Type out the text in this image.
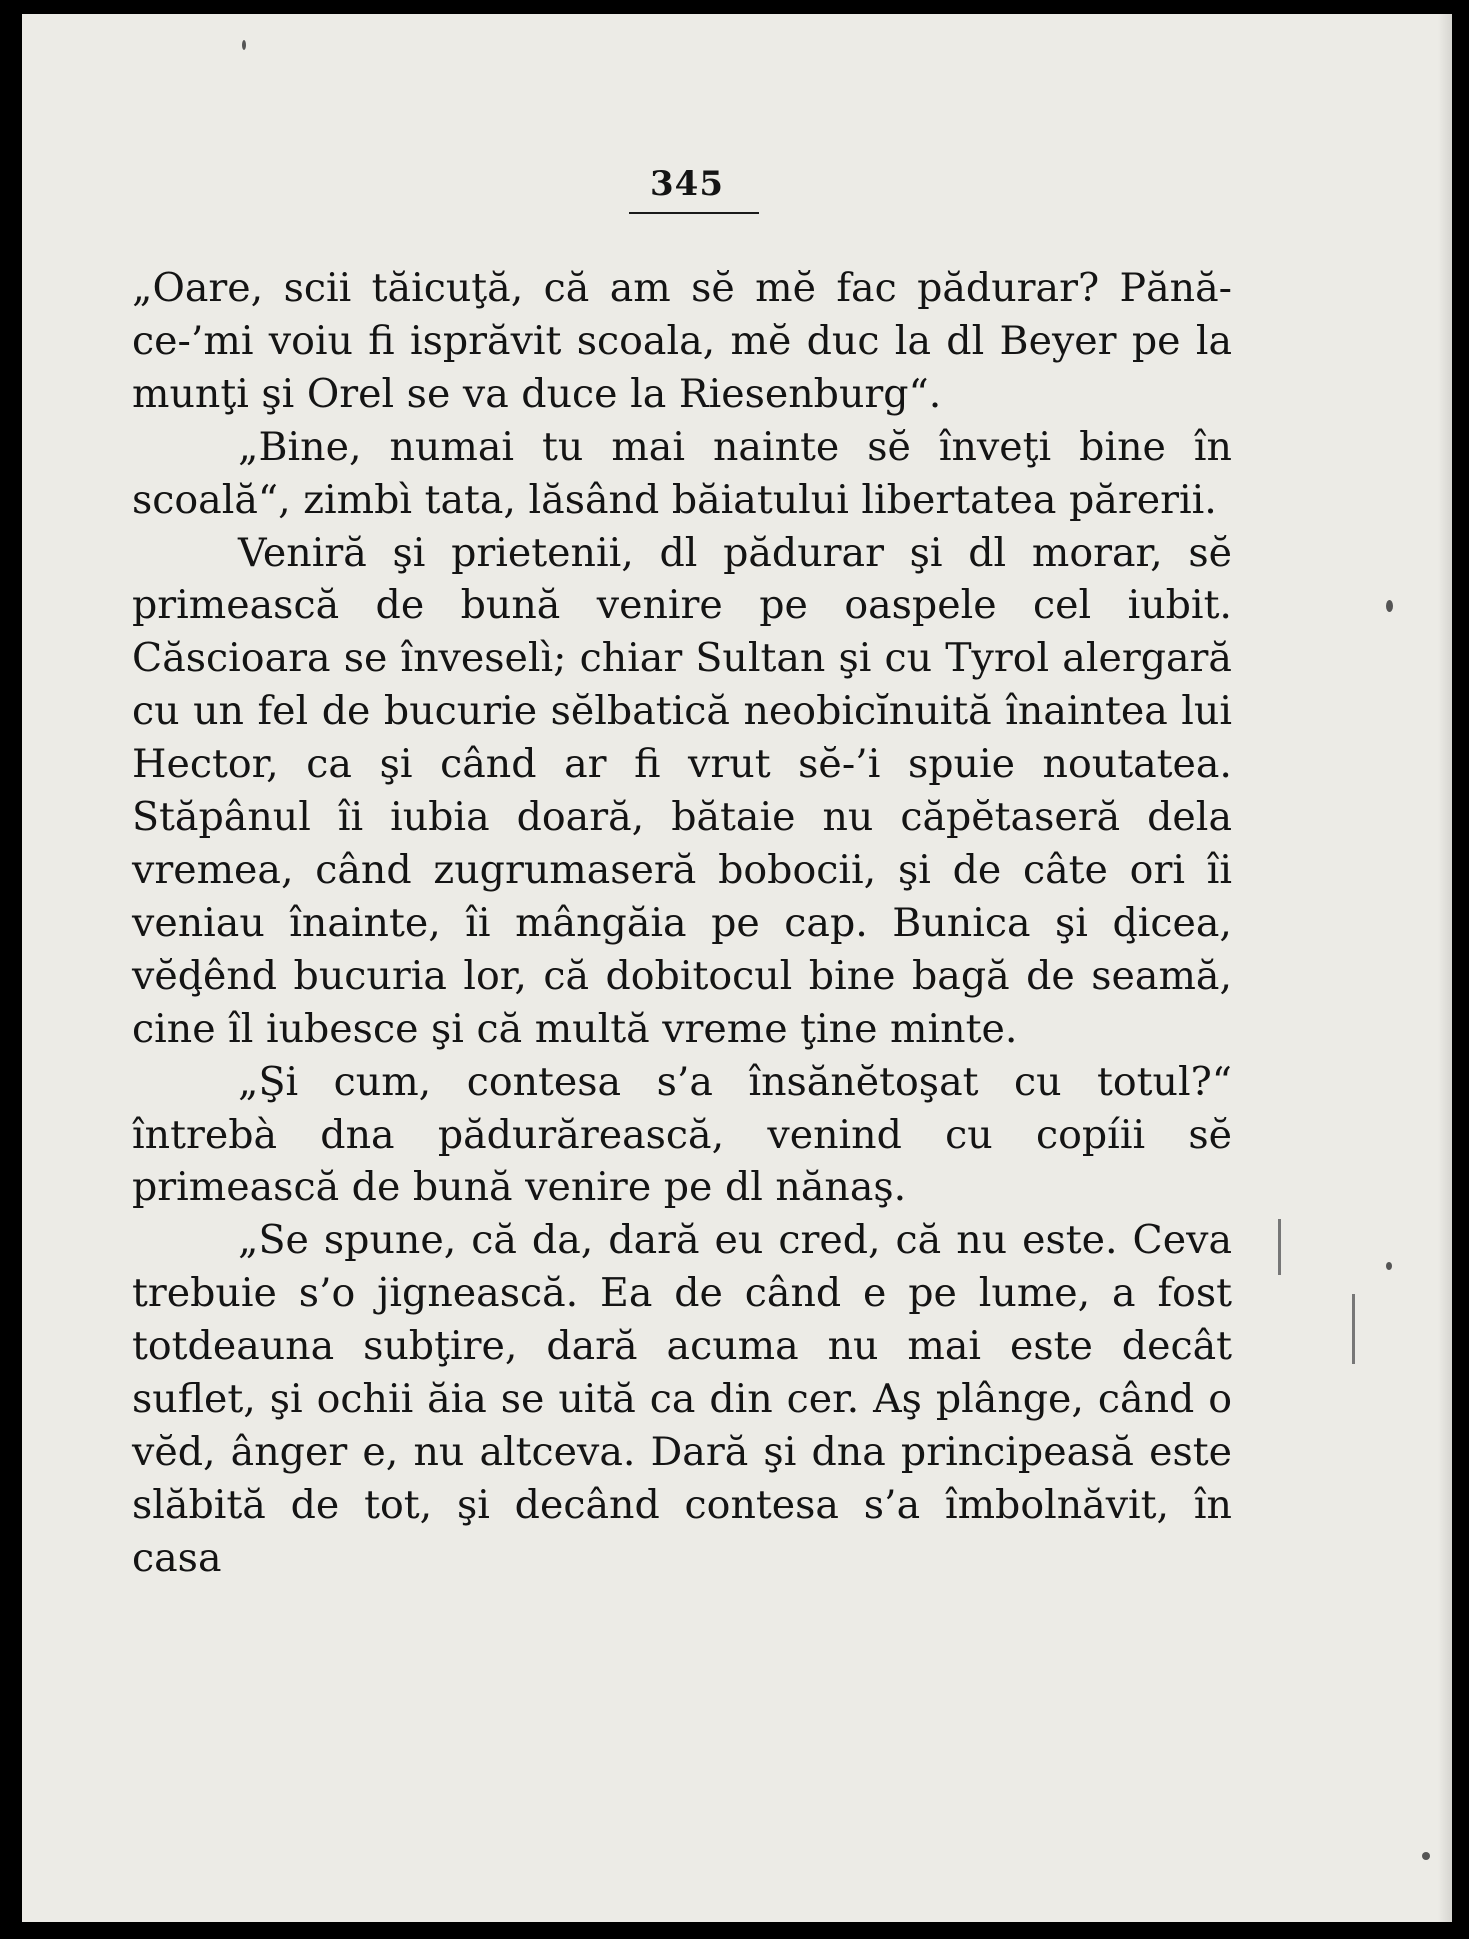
345

„Oare, scii tăicuţă, că am sĕ mĕ fac pădurar? Pănă-ce-’mi voiu fi isprăvit scoala, mĕ duc la dl Beyer pe la munţi şi Orel se va duce la Riesenburg“.

„Bine, numai tu mai nainte sĕ înveţi bine în scoală“, zimbì tata, lăsând băiatului libertatea părerii.

Veniră şi prietenii, dl pădurar şi dl morar, sĕ primească de bună venire pe oaspele cel iubit. Căscioara se înveselì; chiar Sultan şi cu Tyrol alergară cu un fel de bucurie sĕlbatică neobicĭnuită înaintea lui Hector, ca şi când ar fi vrut sĕ-’i spuie noutatea. Stăpânul îi iubia doară, bătaie nu căpĕtaseră dela vremea, când zugrumaseră bobocii, şi de câte ori îi veniau înainte, îi mângăia pe cap. Bunica şi ḑicea, vĕḑênd bucuria lor, că dobitocul bine bagă de seamă, cine îl iubesce şi că multă vreme ţine minte.

„Şi cum, contesa s’a însănĕtoşat cu totul?“ întrebà dna pădurărească, venind cu copíii sĕ primească de bună venire pe dl nănaş.

„Se spune, că da, dară eu cred, că nu este. Ceva trebuie s’o jignească. Ea de când e pe lume, a fost totdeauna subţire, dară acuma nu mai este decât suflet, şi ochii ăia se uită ca din cer. Aş plânge, când o vĕd, ânger e, nu altceva. Dară şi dna principeasă este slăbită de tot, şi decând contesa s’a îmbolnăvit, în casa
